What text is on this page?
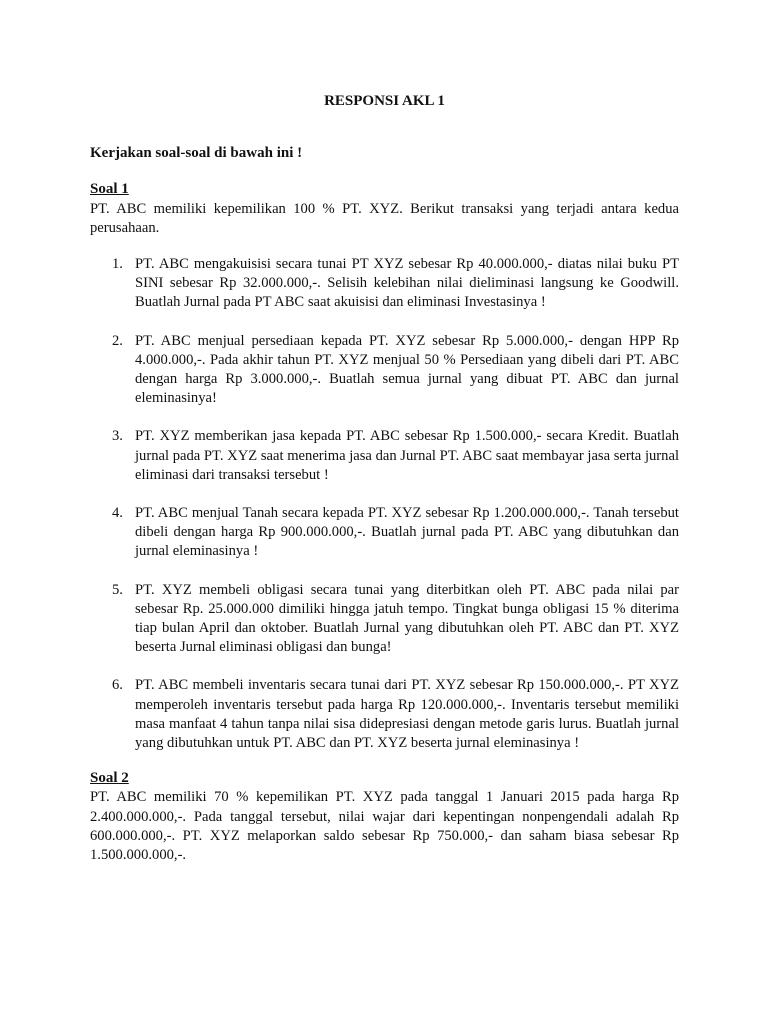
RESPONSI AKL 1

Kerjakan soal-soal di bawah ini !

Soal 1

PT. ABC memiliki kepemilikan 100 % PT. XYZ. Berikut transaksi yang terjadi antara kedua perusahaan.

1. PT. ABC mengakuisisi secara tunai PT XYZ sebesar Rp 40.000.000,- diatas nilai buku PT SINI sebesar Rp 32.000.000,-. Selisih kelebihan nilai dieliminasi langsung ke Goodwill. Buatlah Jurnal pada PT ABC saat akuisisi dan eliminasi Investasinya !
2. PT. ABC menjual persediaan kepada PT. XYZ sebesar Rp 5.000.000,- dengan HPP Rp 4.000.000,-. Pada akhir tahun PT. XYZ menjual 50 % Persediaan yang dibeli dari PT. ABC dengan harga Rp 3.000.000,-. Buatlah semua jurnal yang dibuat PT. ABC dan jurnal eleminasinya!
3. PT. XYZ memberikan jasa kepada PT. ABC sebesar Rp 1.500.000,- secara Kredit. Buatlah jurnal pada PT. XYZ saat menerima jasa dan Jurnal PT. ABC saat membayar jasa serta jurnal eliminasi dari transaksi tersebut !
4. PT. ABC menjual Tanah secara kepada PT. XYZ sebesar Rp 1.200.000.000,-. Tanah tersebut dibeli dengan harga Rp 900.000.000,-. Buatlah jurnal pada PT. ABC yang dibutuhkan dan jurnal eleminasinya !
5. PT. XYZ membeli obligasi secara tunai yang diterbitkan oleh PT. ABC pada nilai par sebesar Rp. 25.000.000 dimiliki hingga jatuh tempo. Tingkat bunga obligasi 15 % diterima tiap bulan April dan oktober. Buatlah Jurnal yang dibutuhkan oleh PT. ABC dan PT. XYZ beserta Jurnal eliminasi obligasi dan bunga!
6. PT. ABC membeli inventaris secara tunai dari PT. XYZ sebesar Rp 150.000.000,-. PT XYZ memperoleh inventaris tersebut pada harga Rp 120.000.000,-. Inventaris tersebut memiliki masa manfaat 4 tahun tanpa nilai sisa didepresiasi dengan metode garis lurus. Buatlah jurnal yang dibutuhkan untuk PT. ABC dan PT. XYZ beserta jurnal eleminasinya !

Soal 2

PT. ABC memiliki 70 % kepemilikan PT. XYZ pada tanggal 1 Januari 2015 pada harga Rp 2.400.000.000,-. Pada tanggal tersebut, nilai wajar dari kepentingan nonpengendali adalah Rp 600.000.000,-. PT. XYZ melaporkan saldo sebesar Rp 750.000,- dan saham biasa sebesar Rp 1.500.000.000,-.
